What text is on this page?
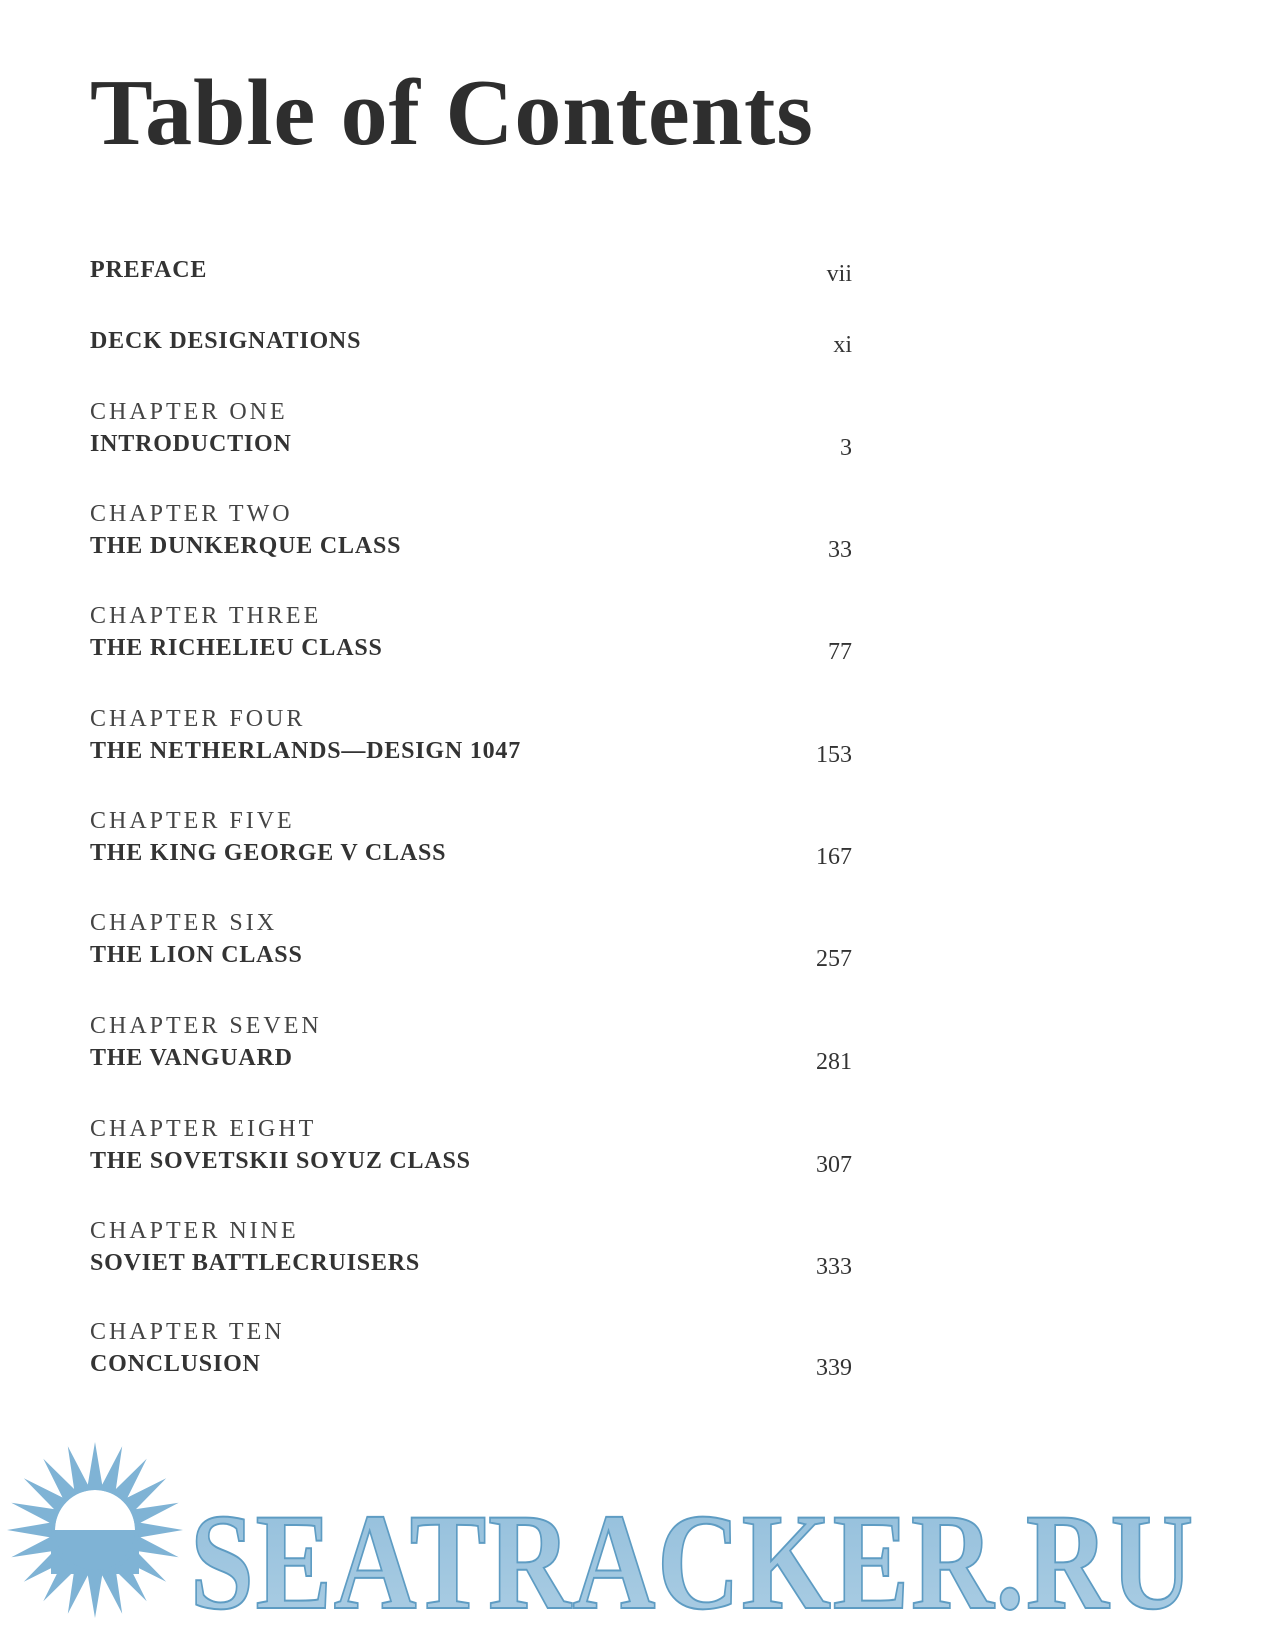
Table of Contents
PREFACE	vii
DECK DESIGNATIONS	xi
CHAPTER ONE
INTRODUCTION	3
CHAPTER TWO
THE DUNKERQUE CLASS	33
CHAPTER THREE
THE RICHELIEU CLASS	77
CHAPTER FOUR
THE NETHERLANDS—DESIGN 1047	153
CHAPTER FIVE
THE KING GEORGE V CLASS	167
CHAPTER SIX
THE LION CLASS	257
CHAPTER SEVEN
THE VANGUARD	281
CHAPTER EIGHT
THE SOVETSKII SOYUZ CLASS	307
CHAPTER NINE
SOVIET BATTLECRUISERS	333
CHAPTER TEN
CONCLUSION	339
SEATRACKER.RU
